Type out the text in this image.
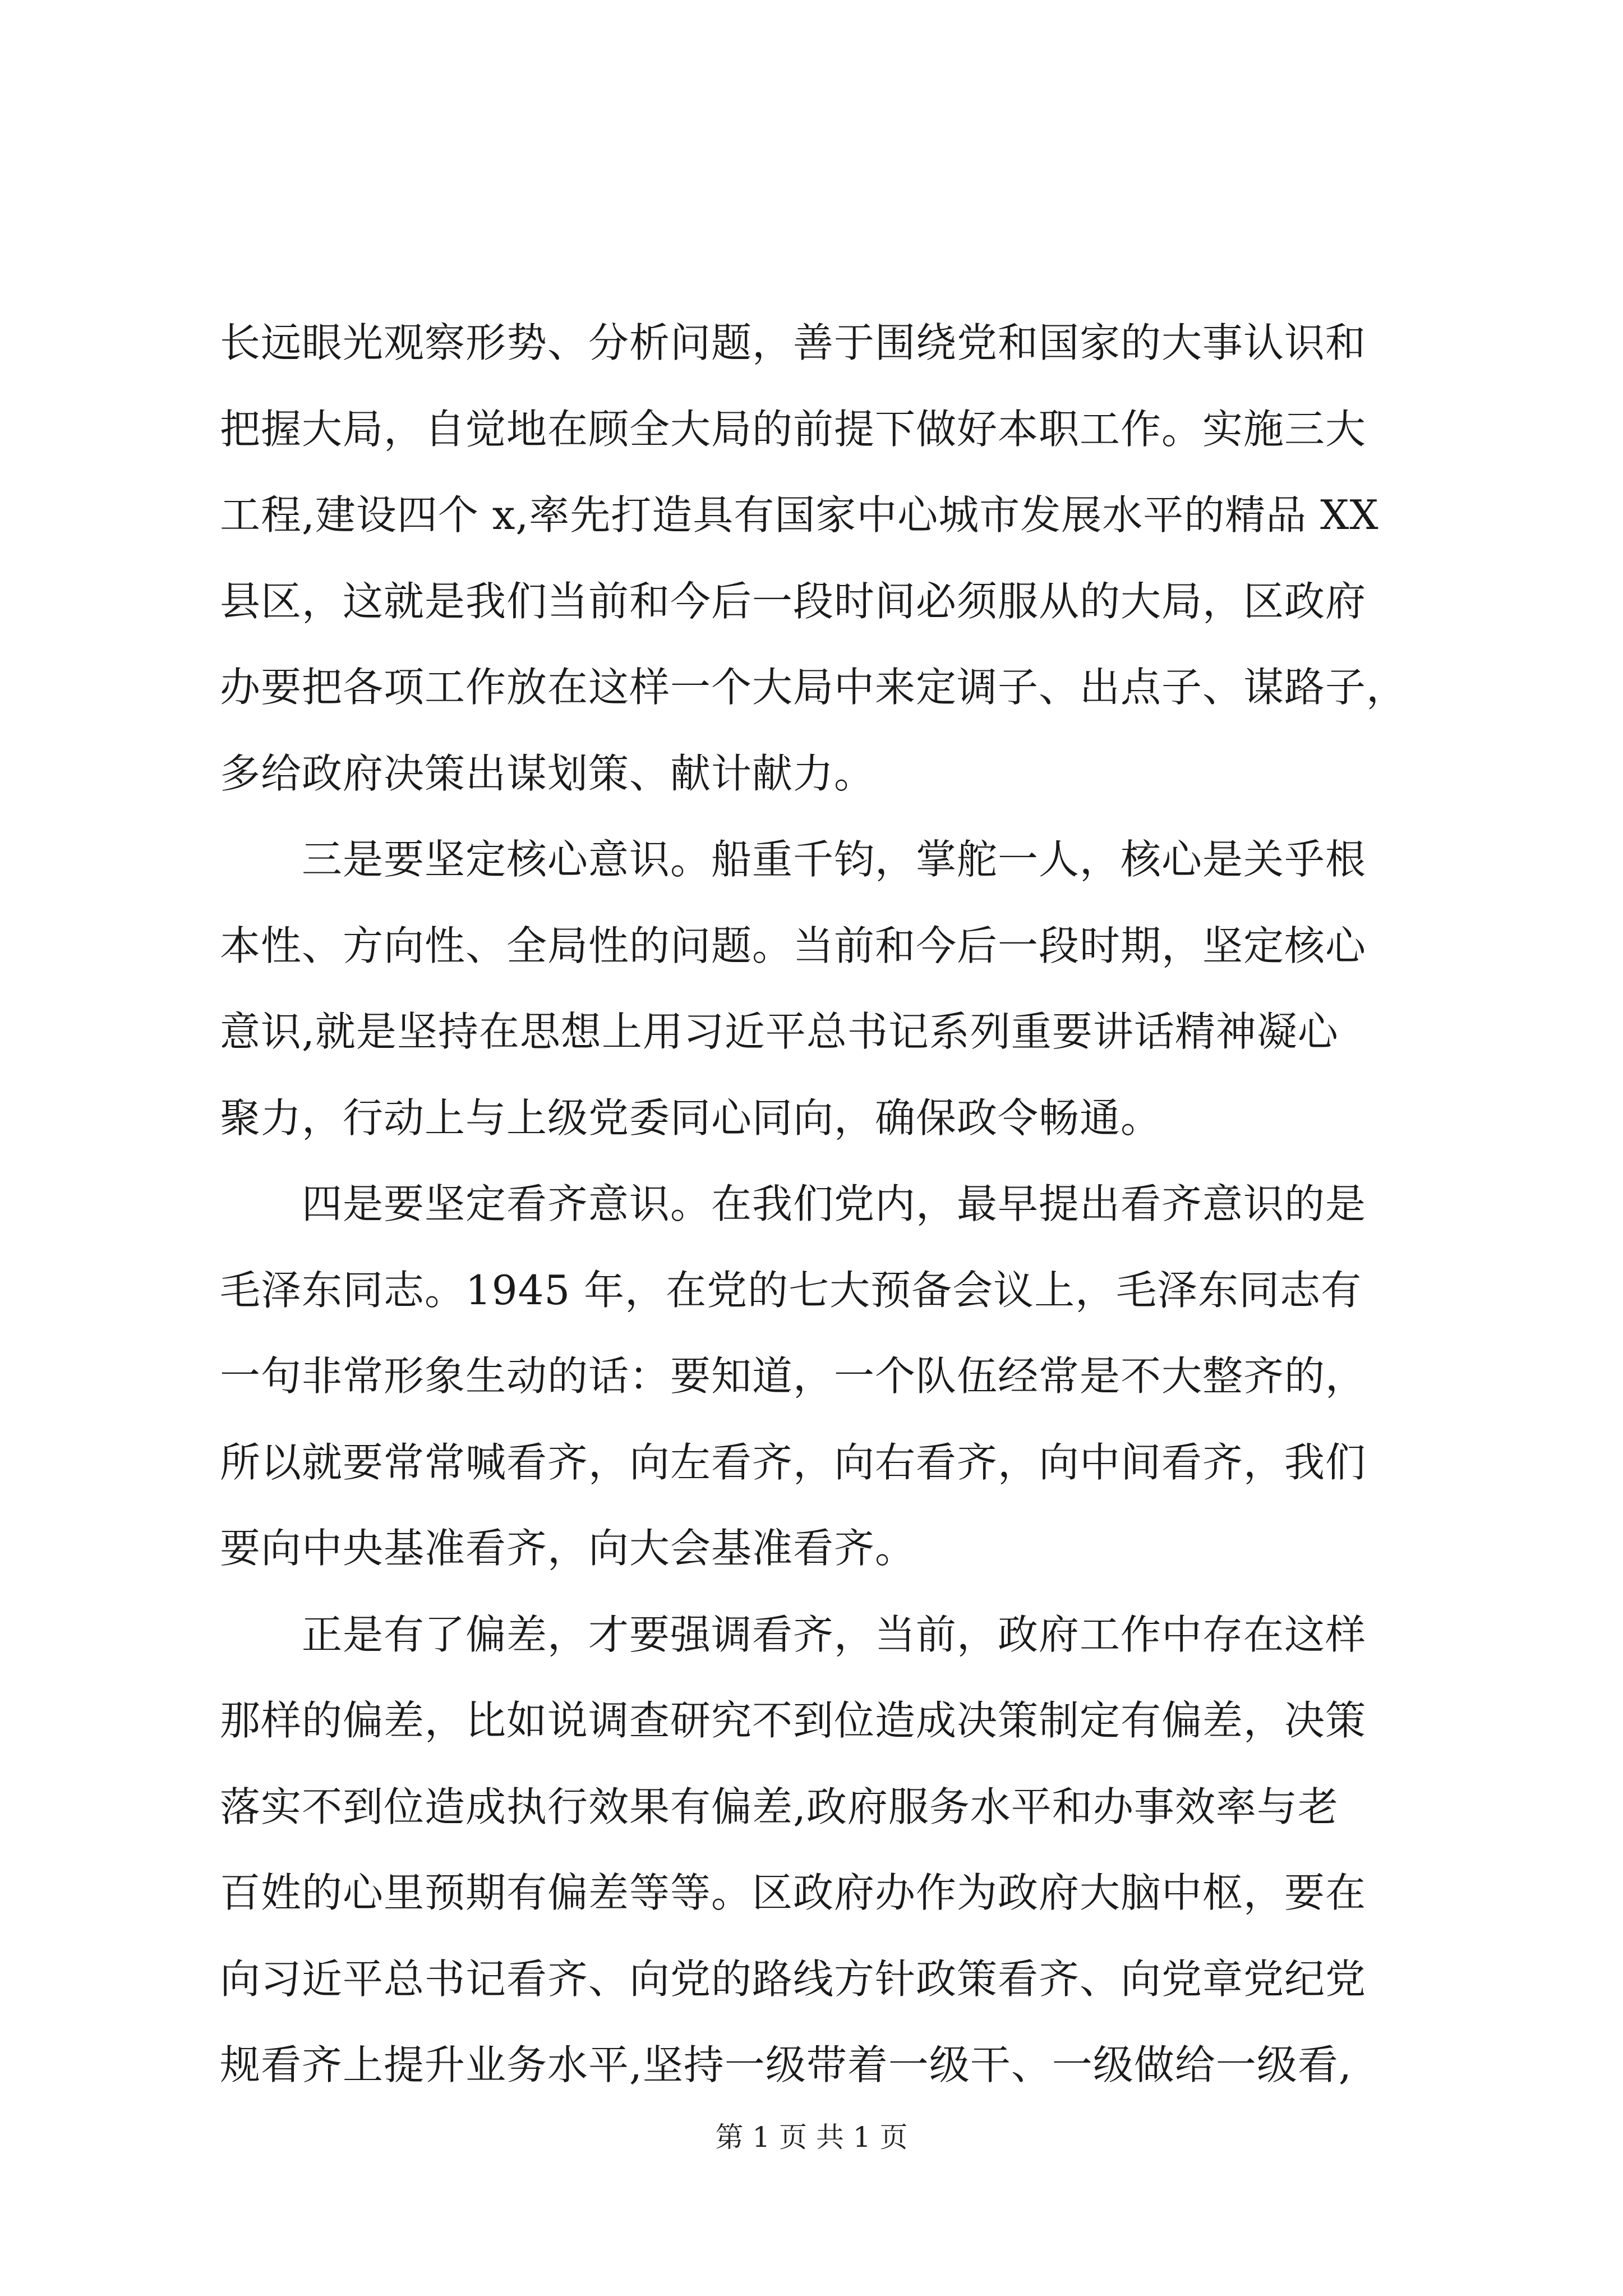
长远眼光观察形势、分析问题，善于围绕党和国家的大事认识和
把握大局，自觉地在顾全大局的前提下做好本职工作。实施三大
工程,建设四个 x,率先打造具有国家中心城市发展水平的精品 XX
县区，这就是我们当前和今后一段时间必须服从的大局，区政府
办要把各项工作放在这样一个大局中来定调子、出点子、谋路子，
多给政府决策出谋划策、献计献力。
三是要坚定核心意识。船重千钧，掌舵一人，核心是关乎根
本性、方向性、全局性的问题。当前和今后一段时期，坚定核心
意识,就是坚持在思想上用习近平总书记系列重要讲话精神凝心
聚力，行动上与上级党委同心同向，确保政令畅通。
四是要坚定看齐意识。在我们党内，最早提出看齐意识的是
毛泽东同志。1945 年，在党的七大预备会议上，毛泽东同志有
一句非常形象生动的话：要知道，一个队伍经常是不大整齐的，
所以就要常常喊看齐，向左看齐，向右看齐，向中间看齐，我们
要向中央基准看齐，向大会基准看齐。
正是有了偏差，才要强调看齐，当前，政府工作中存在这样
那样的偏差，比如说调查研究不到位造成决策制定有偏差，决策
落实不到位造成执行效果有偏差,政府服务水平和办事效率与老
百姓的心里预期有偏差等等。区政府办作为政府大脑中枢，要在
向习近平总书记看齐、向党的路线方针政策看齐、向党章党纪党
规看齐上提升业务水平,坚持一级带着一级干、一级做给一级看,
第 1 页 共 1 页
